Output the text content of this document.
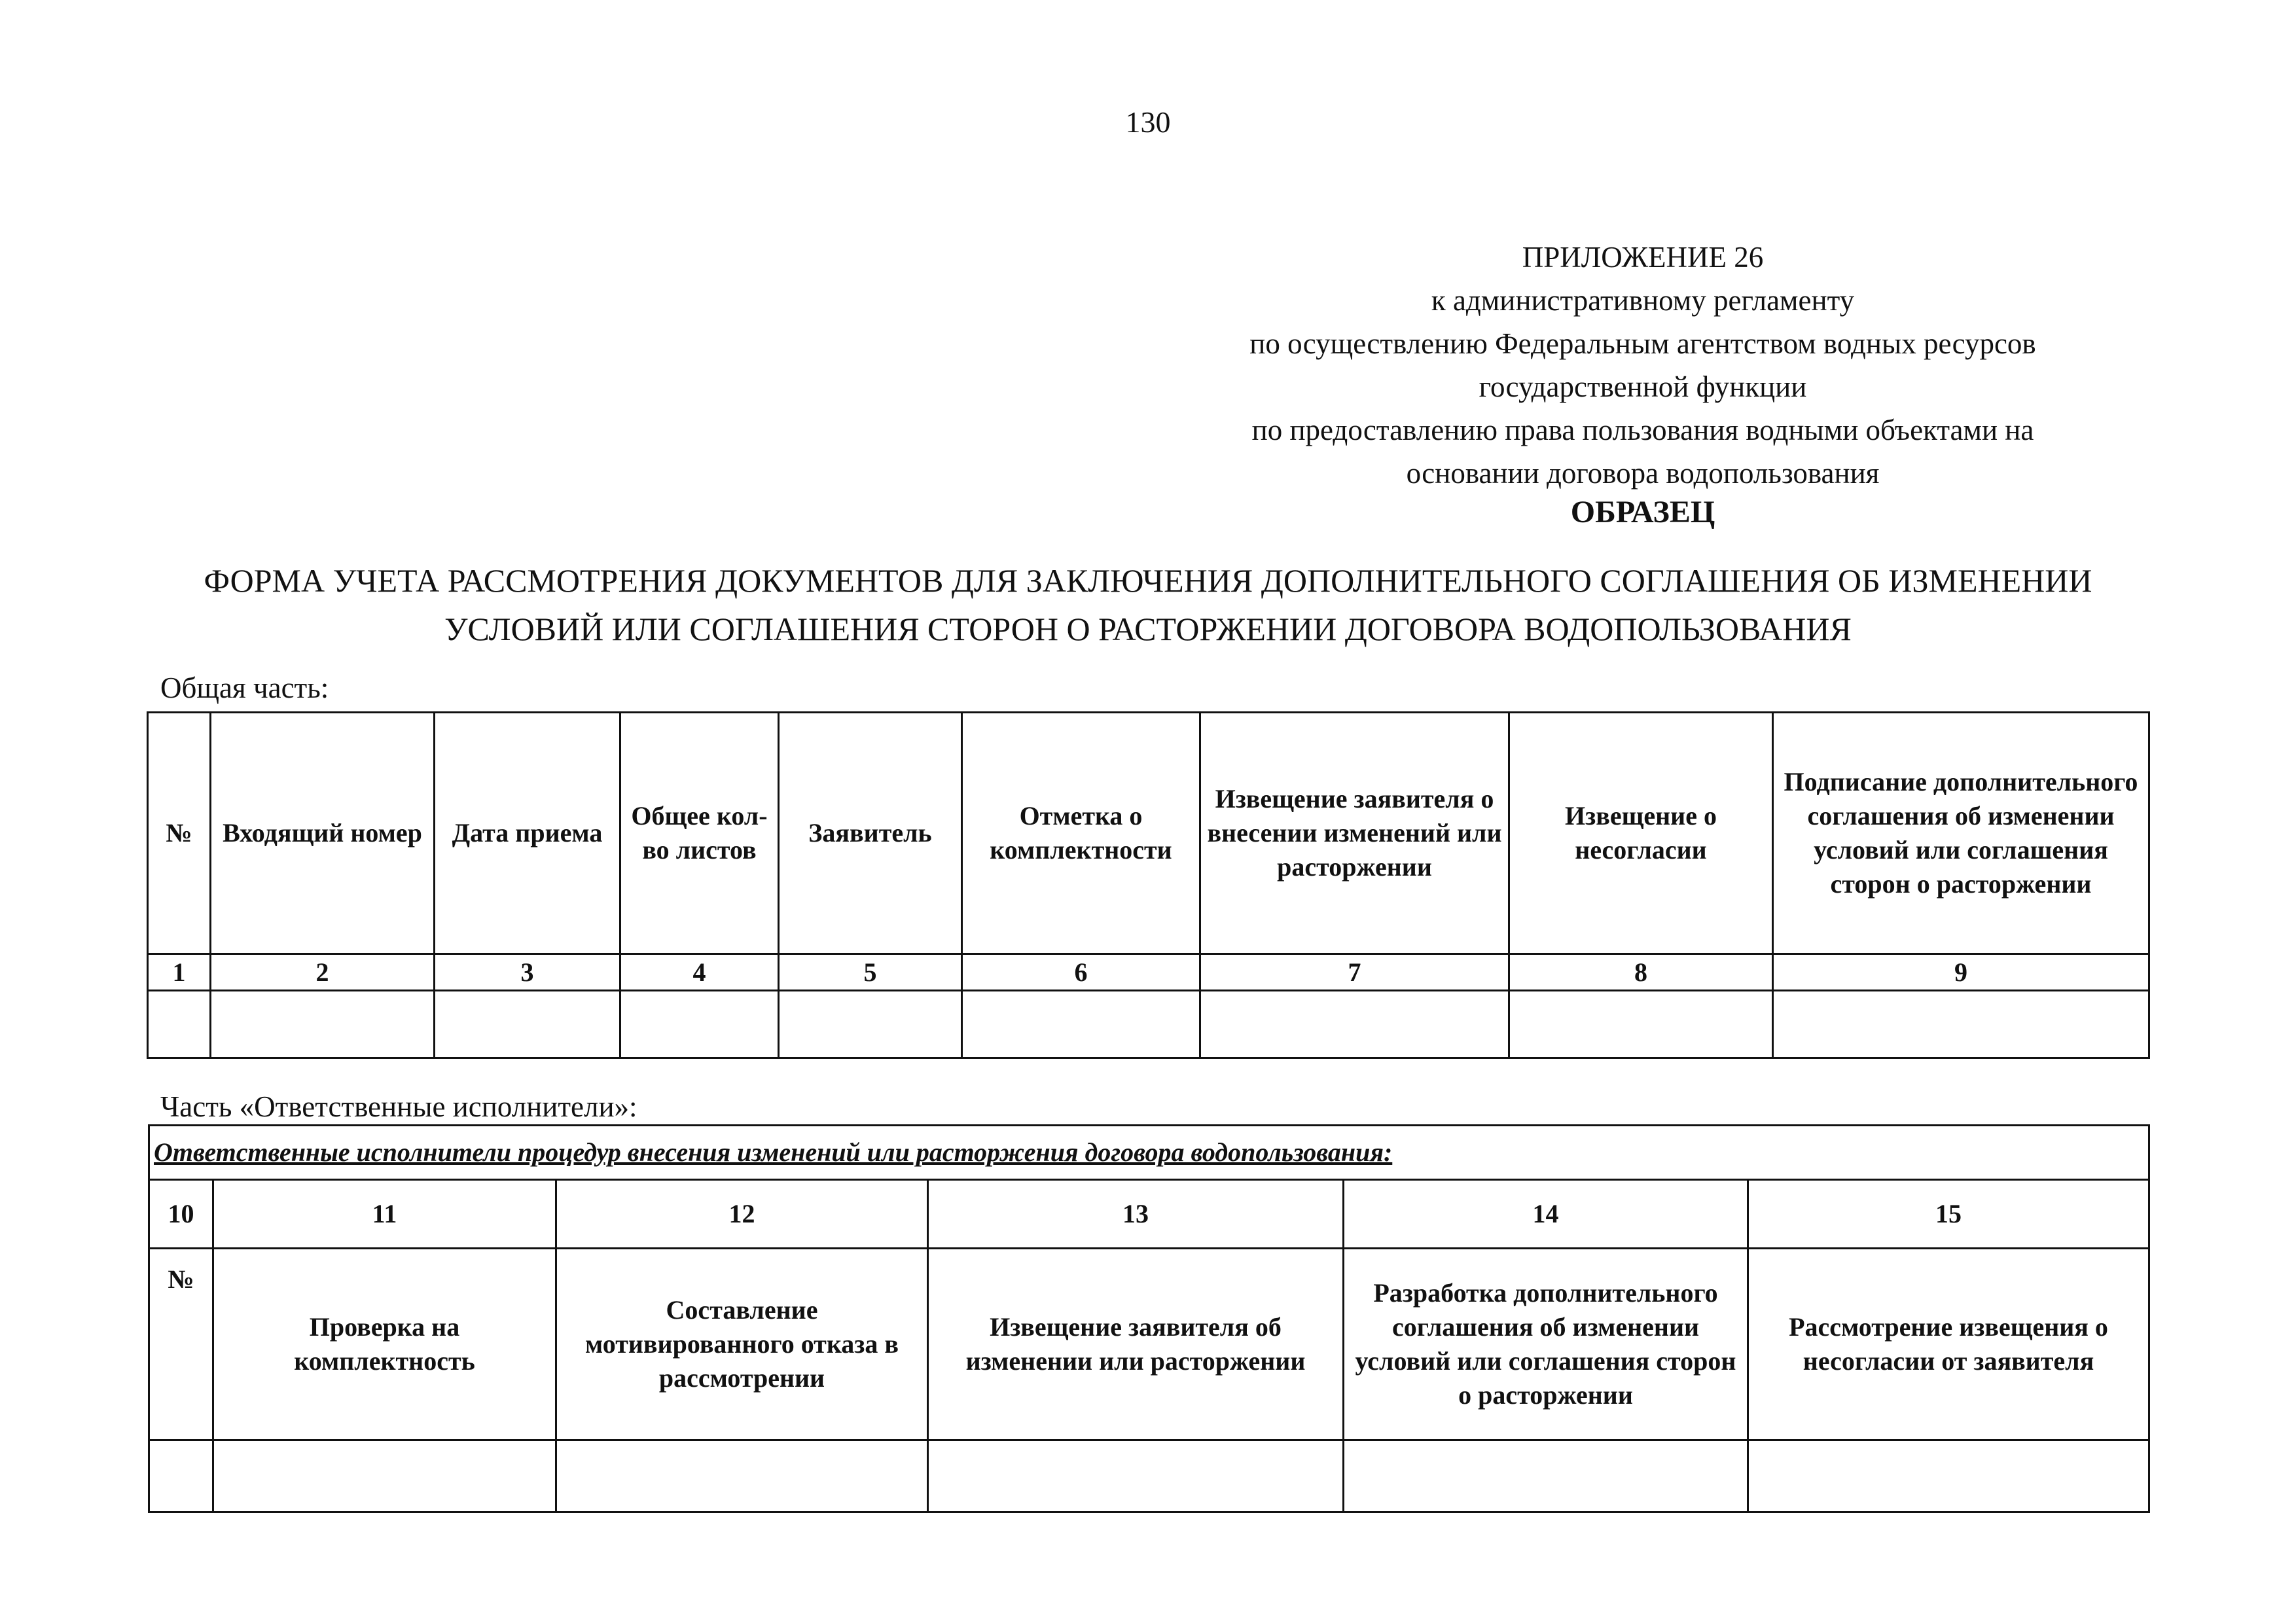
130
ПРИЛОЖЕНИЕ 26
к административному регламенту
по осуществлению Федеральным агентством водных ресурсов
государственной функции
по предоставлению права пользования водными объектами на
основании договора водопользования
ОБРАЗЕЦ
ФОРМА УЧЕТА РАССМОТРЕНИЯ ДОКУМЕНТОВ ДЛЯ ЗАКЛЮЧЕНИЯ ДОПОЛНИТЕЛЬНОГО СОГЛАШЕНИЯ ОБ ИЗМЕНЕНИИ
УСЛОВИЙ ИЛИ СОГЛАШЕНИЯ СТОРОН О РАСТОРЖЕНИИ ДОГОВОРА ВОДОПОЛЬЗОВАНИЯ
Общая часть:
№	Входящий номер	Дата приема	Общее кол-во листов	Заявитель	Отметка о комплектности	Извещение заявителя о внесении изменений или расторжении	Извещение о несогласии	Подписание дополнительного соглашения об изменении условий или соглашения сторон о расторжении
1	2	3	4	5	6	7	8	9

Часть «Ответственные исполнители»:
Ответственные исполнители процедур внесения изменений или расторжения договора водопользования:					
10	11	12	13	14	15
№	Проверка на комплектность	Составление мотивированного отказа в рассмотрении	Извещение заявителя об изменении или расторжении	Разработка дополнительного соглашения об изменении условий или соглашения сторон о расторжении	Рассмотрение извещения о несогласии от заявителя
